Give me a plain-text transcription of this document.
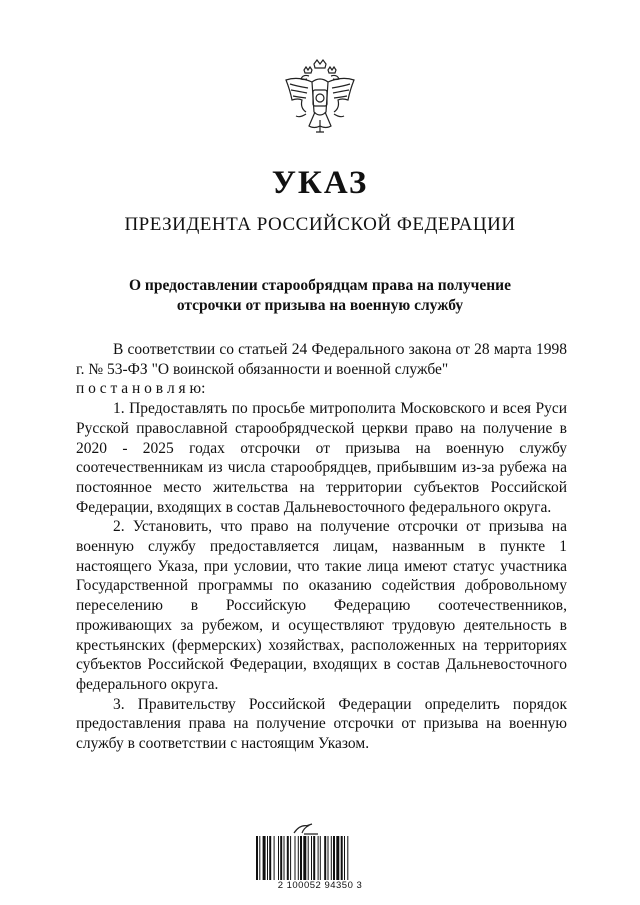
УКАЗ
ПРЕЗИДЕНТА РОССИЙСКОЙ ФЕДЕРАЦИИ
О предоставлении старообрядцам права на получение
отсрочки от призыва на военную службу

В соответствии со статьей 24 Федерального закона от 28 марта 1998 г. № 53-ФЗ "О воинской обязанности и военной службе"
п о с т а н о в л я ю:

1. Предоставлять по просьбе митрополита Московского и всея Руси Русской православной старообрядческой церкви право на получение в 2020 - 2025 годах отсрочки от призыва на военную службу соотечественникам из числа старообрядцев, прибывшим из-за рубежа на постоянное место жительства на территории субъектов Российской Федерации, входящих в состав Дальневосточного федерального округа.

2. Установить, что право на получение отсрочки от призыва на военную службу предоставляется лицам, названным в пункте 1 настоящего Указа, при условии, что такие лица имеют статус участника Государственной программы по оказанию содействия добровольному переселению в Российскую Федерацию соотечественников, проживающих за рубежом, и осуществляют трудовую деятельность в крестьянских (фермерских) хозяйствах, расположенных на территориях субъектов Российской Федерации, входящих в состав Дальневосточного федерального округа.

3. Правительству Российской Федерации определить порядок предоставления права на получение отсрочки от призыва на военную службу в соответствии с настоящим Указом.

2 100052 94350 3
